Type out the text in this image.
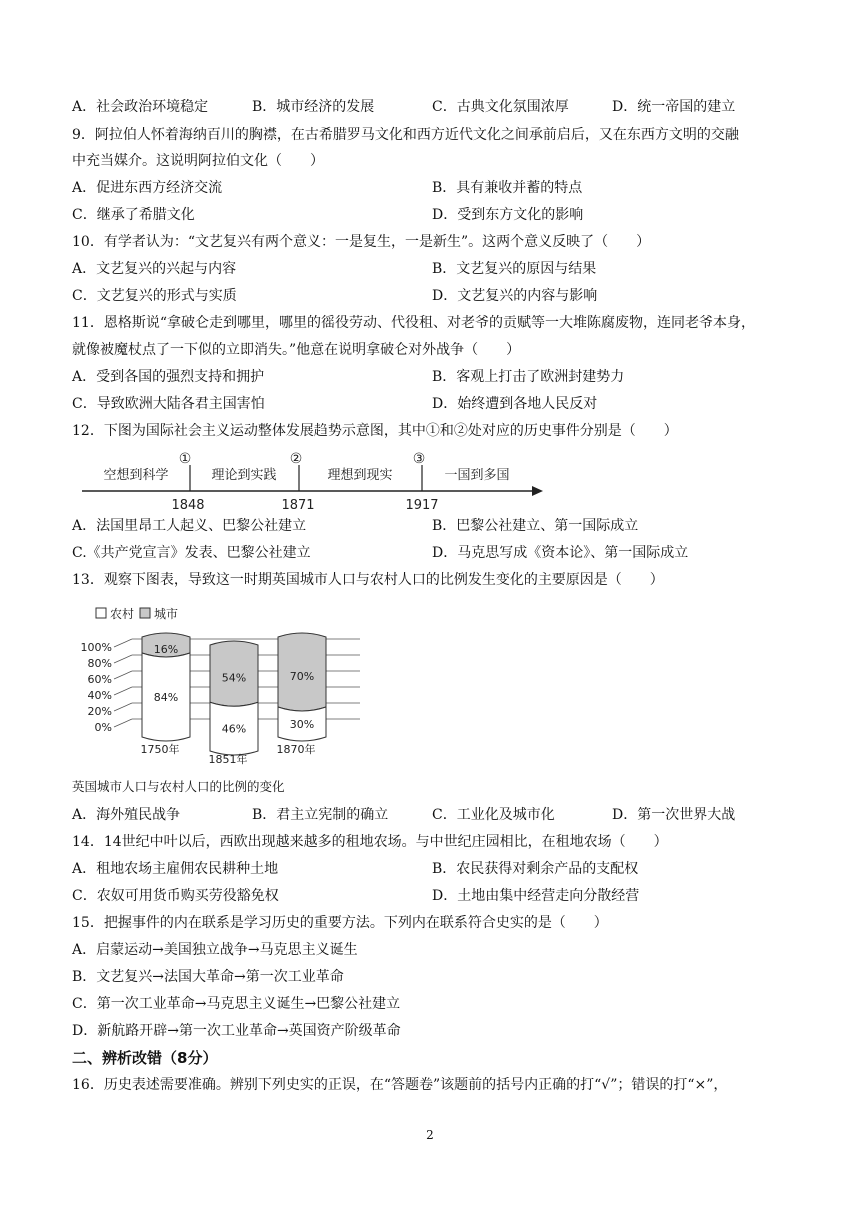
A．社会政治环境稳定	B．城市经济的发展	C．古典文化氛围浓厚	D．统一帝国的建立
9．阿拉伯人怀着海纳百川的胸襟，在古希腊罗马文化和西方近代文化之间承前启后，又在东西方文明的交融
中充当媒介。这说明阿拉伯文化（　　）
A．促进东西方经济交流	B．具有兼收并蓄的特点
C．继承了希腊文化	D．受到东方文化的影响
10．有学者认为：“文艺复兴有两个意义：一是复生，一是新生”。这两个意义反映了（　　）
A．文艺复兴的兴起与内容	B．文艺复兴的原因与结果
C．文艺复兴的形式与实质	D．文艺复兴的内容与影响
11．恩格斯说“拿破仑走到哪里，哪里的徭役劳动、代役租、对老爷的贡赋等一大堆陈腐废物，连同老爷本身，
就像被魔杖点了一下似的立即消失。”他意在说明拿破仑对外战争（　　）
A．受到各国的强烈支持和拥护	B．客观上打击了欧洲封建势力
C．导致欧洲大陆各君主国害怕	D．始终遭到各地人民反对
12．下图为国际社会主义运动整体发展趋势示意图，其中①和②处对应的历史事件分别是（　　）
空想到科学	理论到实践	理想到现实	一国到多国
①	②	③
1848	1871	1917
A．法国里昂工人起义、巴黎公社建立	B．巴黎公社建立、第一国际成立
C.《共产党宣言》发表、巴黎公社建立	D．马克思写成《资本论》、第一国际成立
13．观察下图表，导致这一时期英国城市人口与农村人口的比例发生变化的主要原因是（　　）
农村 城市
100%
80%
60%
40%
20%
0%
16%
84%
1750年
54%
46%
1851年
70%
30%
1870年
英国城市人口与农村人口的比例的变化
A．海外殖民战争	B．君主立宪制的确立	C．工业化及城市化	D．第一次世界大战
14．14世纪中叶以后，西欧出现越来越多的租地农场。与中世纪庄园相比，在租地农场（　　）
A．租地农场主雇佣农民耕种土地	B．农民获得对剩余产品的支配权
C．农奴可用货币购买劳役豁免权	D．土地由集中经营走向分散经营
15．把握事件的内在联系是学习历史的重要方法。下列内在联系符合史实的是（　　）
A．启蒙运动→美国独立战争→马克思主义诞生
B．文艺复兴→法国大革命→第一次工业革命
C．第一次工业革命→马克思主义诞生→巴黎公社建立
D．新航路开辟→第一次工业革命→英国资产阶级革命
二、辨析改错（8分）
16．历史表述需要准确。辨别下列史实的正误，在“答题卷”该题前的括号内正确的打“√”；错误的打“×”，
2
